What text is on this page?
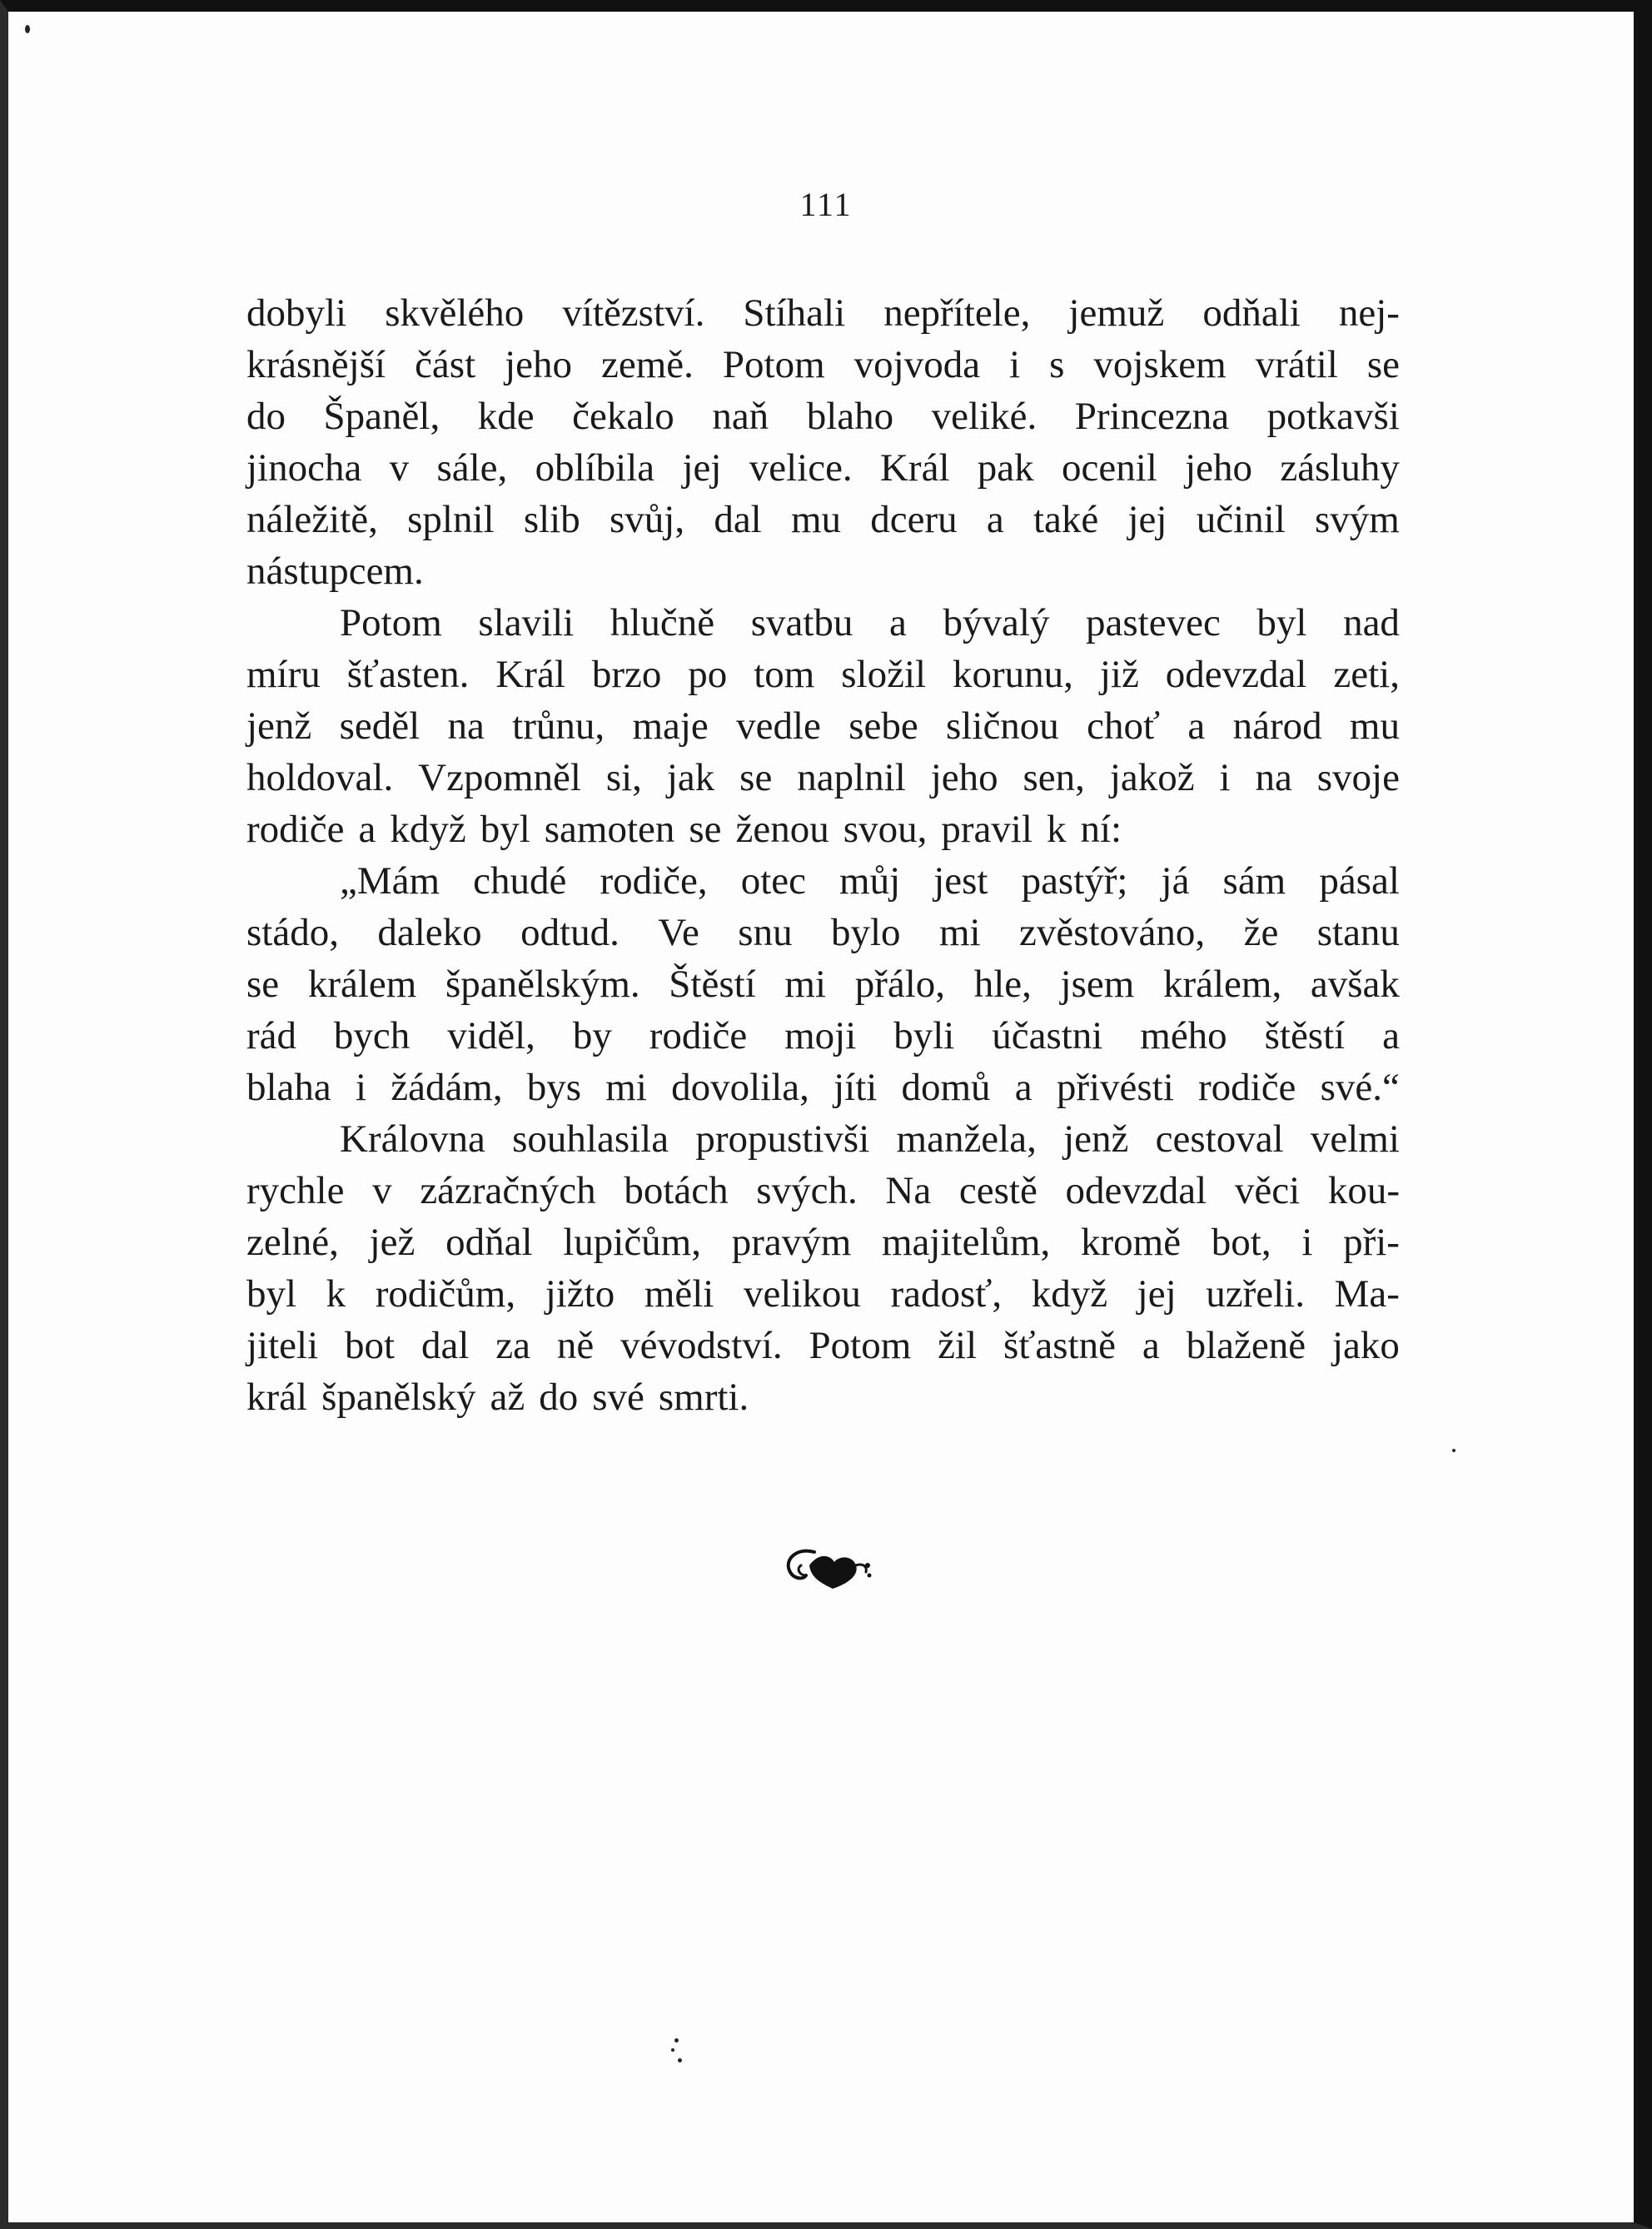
111
dobyli skvělého vítězství. Stíhali nepřítele, jemuž odňali nej-
krásnější část jeho země. Potom vojvoda i s vojskem vrátil se
do Španěl, kde čekalo naň blaho veliké. Princezna potkavši
jinocha v sále, oblíbila jej velice. Král pak ocenil jeho zásluhy
náležitě, splnil slib svůj, dal mu dceru a také jej učinil svým
nástupcem.
Potom slavili hlučně svatbu a bývalý pastevec byl nad
míru šťasten. Král brzo po tom složil korunu, již odevzdal zeti,
jenž seděl na trůnu, maje vedle sebe sličnou choť a národ mu
holdoval. Vzpomněl si, jak se naplnil jeho sen, jakož i na svoje
rodiče a když byl samoten se ženou svou, pravil k ní:
„Mám chudé rodiče, otec můj jest pastýř; já sám pásal
stádo, daleko odtud. Ve snu bylo mi zvěstováno, že stanu
se králem španělským. Štěstí mi přálo, hle, jsem králem, avšak
rád bych viděl, by rodiče moji byli účastni mého štěstí a
blaha i žádám, bys mi dovolila, jíti domů a přivésti rodiče své.“
Královna souhlasila propustivši manžela, jenž cestoval velmi
rychle v zázračných botách svých. Na cestě odevzdal věci kou-
zelné, jež odňal lupičům, pravým majitelům, kromě bot, i při-
byl k rodičům, jižto měli velikou radosť, když jej uzřeli. Ma-
jiteli bot dal za ně vévodství. Potom žil šťastně a blaženě jako
král španělský až do své smrti.
